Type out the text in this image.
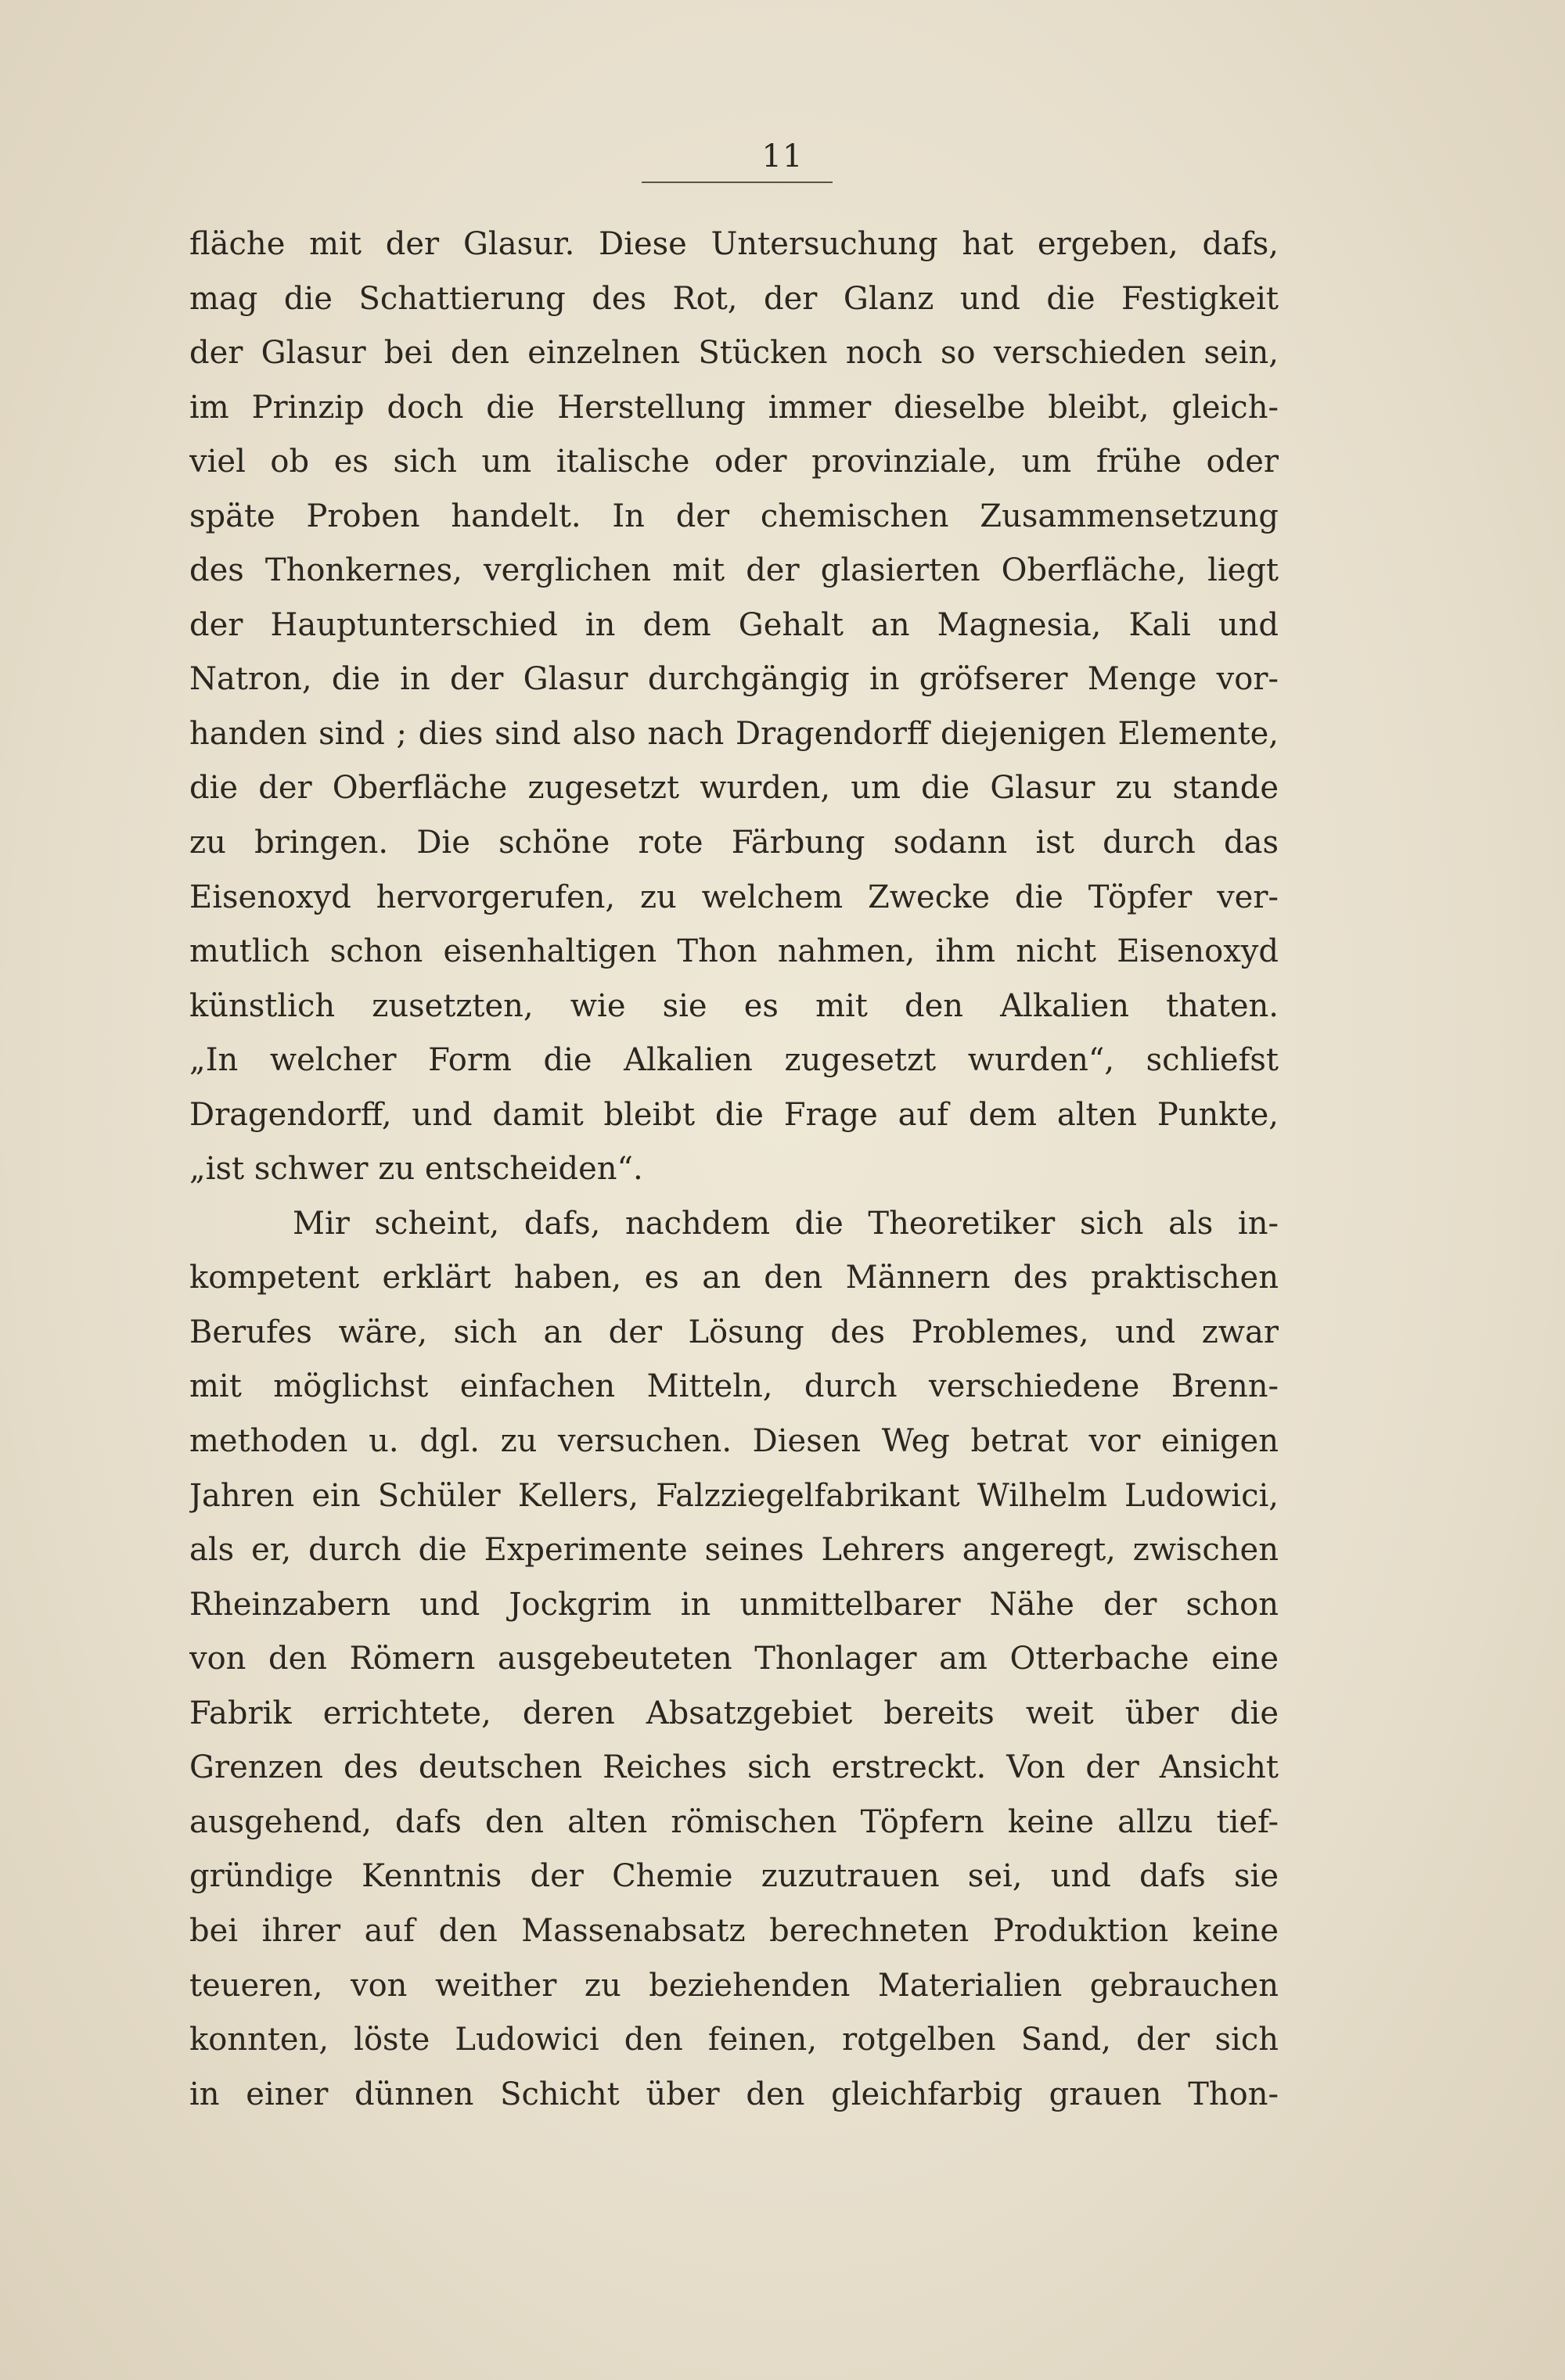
11
fläche mit der Glasur. Diese Untersuchung hat ergeben, dafs,
mag die Schattierung des Rot, der Glanz und die Festigkeit
der Glasur bei den einzelnen Stücken noch so verschieden sein,
im Prinzip doch die Herstellung immer dieselbe bleibt, gleich-
viel ob es sich um italische oder provinziale, um frühe oder
späte Proben handelt. In der chemischen Zusammensetzung
des Thonkernes, verglichen mit der glasierten Oberfläche, liegt
der Hauptunterschied in dem Gehalt an Magnesia, Kali und
Natron, die in der Glasur durchgängig in gröfserer Menge vor-
handen sind ; dies sind also nach Dragendorff diejenigen Elemente,
die der Oberfläche zugesetzt wurden, um die Glasur zu stande
zu bringen. Die schöne rote Färbung sodann ist durch das
Eisenoxyd hervorgerufen, zu welchem Zwecke die Töpfer ver-
mutlich schon eisenhaltigen Thon nahmen, ihm nicht Eisenoxyd
künstlich zusetzten, wie sie es mit den Alkalien thaten.
„In welcher Form die Alkalien zugesetzt wurden“, schliefst
Dragendorff, und damit bleibt die Frage auf dem alten Punkte,
„ist schwer zu entscheiden“.
Mir scheint, dafs, nachdem die Theoretiker sich als in-
kompetent erklärt haben, es an den Männern des praktischen
Berufes wäre, sich an der Lösung des Problemes, und zwar
mit möglichst einfachen Mitteln, durch verschiedene Brenn-
methoden u. dgl. zu versuchen. Diesen Weg betrat vor einigen
Jahren ein Schüler Kellers, Falzziegelfabrikant Wilhelm Ludowici,
als er, durch die Experimente seines Lehrers angeregt, zwischen
Rheinzabern und Jockgrim in unmittelbarer Nähe der schon
von den Römern ausgebeuteten Thonlager am Otterbache eine
Fabrik errichtete, deren Absatzgebiet bereits weit über die
Grenzen des deutschen Reiches sich erstreckt. Von der Ansicht
ausgehend, dafs den alten römischen Töpfern keine allzu tief-
gründige Kenntnis der Chemie zuzutrauen sei, und dafs sie
bei ihrer auf den Massenabsatz berechneten Produktion keine
teueren, von weither zu beziehenden Materialien gebrauchen
konnten, löste Ludowici den feinen, rotgelben Sand, der sich
in einer dünnen Schicht über den gleichfarbig grauen Thon-
